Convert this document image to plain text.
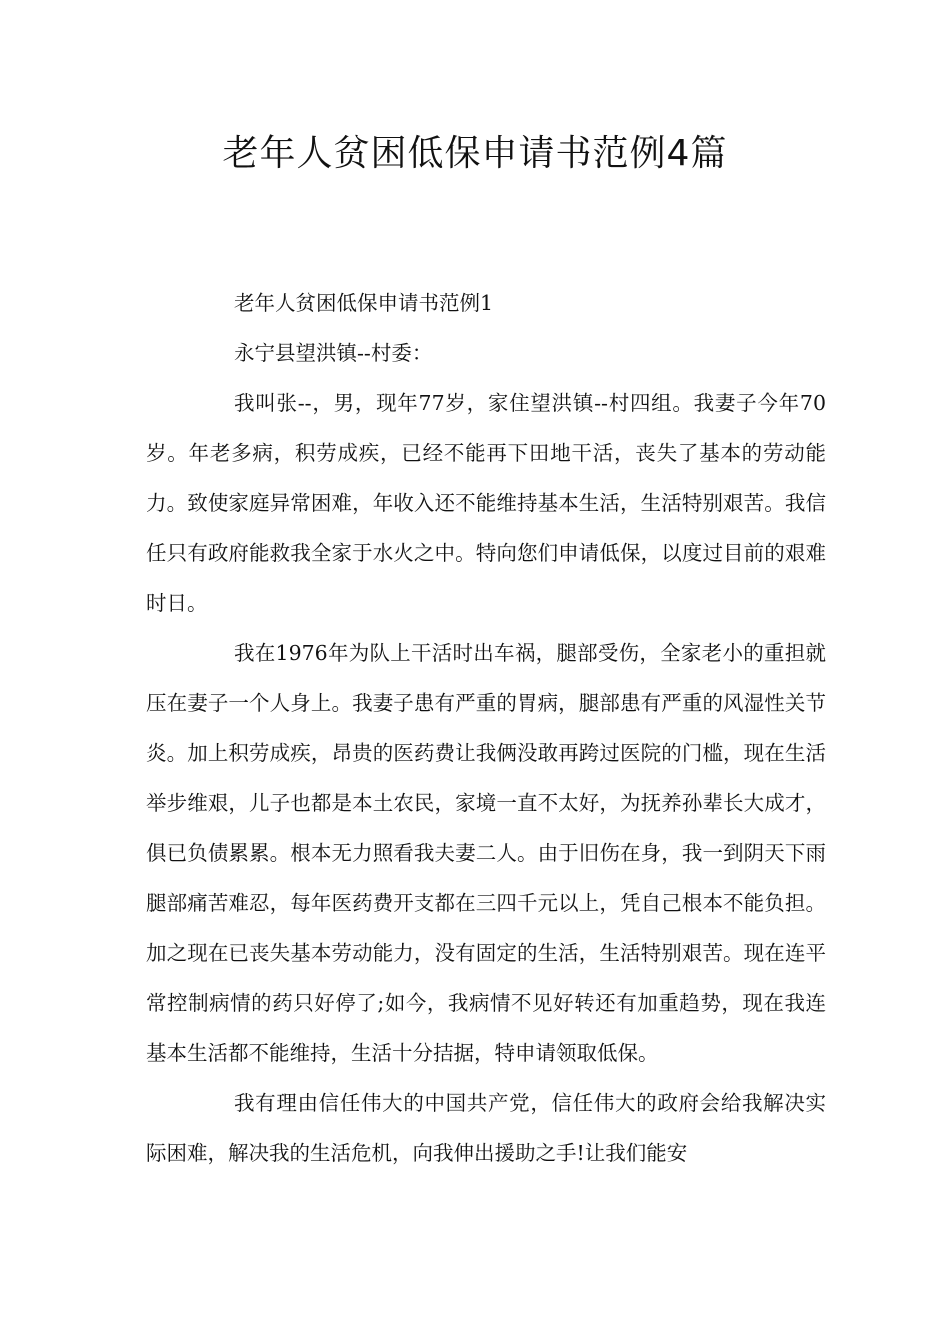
老年人贫困低保申请书范例4篇

老年人贫困低保申请书范例1

永宁县望洪镇--村委：

我叫张--，男，现年77岁，家住望洪镇--村四组。我妻子今年70岁。年老多病，积劳成疾，已经不能再下田地干活，丧失了基本的劳动能力。致使家庭异常困难，年收入还不能维持基本生活，生活特别艰苦。我信任只有政府能救我全家于水火之中。特向您们申请低保，以度过目前的艰难时日。

我在1976年为队上干活时出车祸，腿部受伤，全家老小的重担就压在妻子一个人身上。我妻子患有严重的胃病，腿部患有严重的风湿性关节炎。加上积劳成疾，昂贵的医药费让我俩没敢再跨过医院的门槛，现在生活举步维艰，儿子也都是本土农民，家境一直不太好，为抚养孙辈长大成才，俱已负债累累。根本无力照看我夫妻二人。由于旧伤在身，我一到阴天下雨腿部痛苦难忍，每年医药费开支都在三四千元以上，凭自己根本不能负担。加之现在已丧失基本劳动能力，没有固定的生活，生活特别艰苦。现在连平常控制病情的药只好停了;如今，我病情不见好转还有加重趋势，现在我连基本生活都不能维持，生活十分拮据，特申请领取低保。

我有理由信任伟大的中国共产党，信任伟大的政府会给我解决实际困难，解决我的生活危机，向我伸出援助之手!让我们能安
